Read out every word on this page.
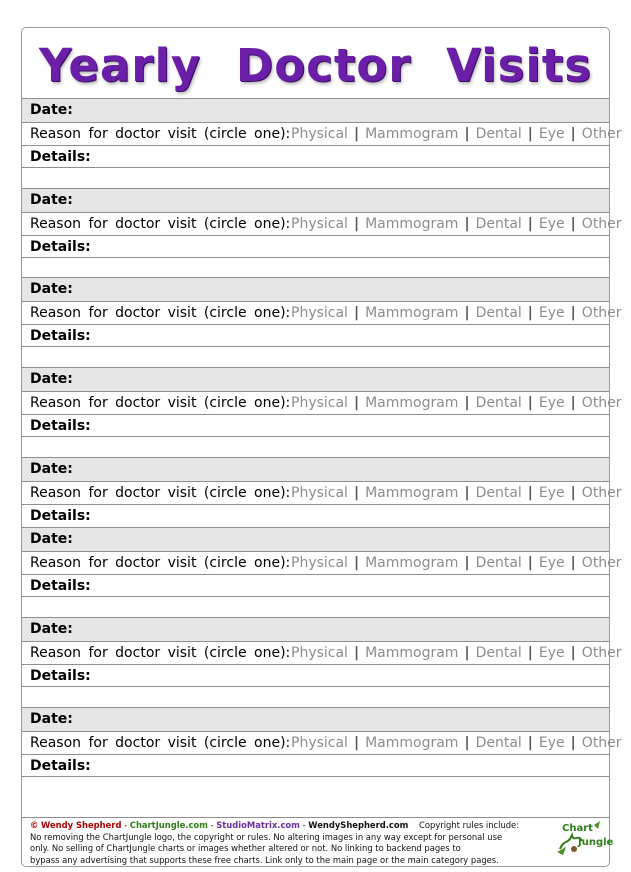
Yearly Doctor Visits
Date:
Reason for doctor visit (circle one): Physical | Mammogram | Dental | Eye | Other
Details:
Date:
Reason for doctor visit (circle one): Physical | Mammogram | Dental | Eye | Other
Details:
Date:
Reason for doctor visit (circle one): Physical | Mammogram | Dental | Eye | Other
Details:
Date:
Reason for doctor visit (circle one): Physical | Mammogram | Dental | Eye | Other
Details:
Date:
Reason for doctor visit (circle one): Physical | Mammogram | Dental | Eye | Other
Details:
Date:
Reason for doctor visit (circle one): Physical | Mammogram | Dental | Eye | Other
Details:
Date:
Reason for doctor visit (circle one): Physical | Mammogram | Dental | Eye | Other
Details:
Date:
Reason for doctor visit (circle one): Physical | Mammogram | Dental | Eye | Other
Details:
© Wendy Shepherd - ChartJungle.com - StudioMatrix.com - WendyShepherd.com Copyright rules include:
No removing the ChartJungle logo, the copyright or rules. No altering images in any way except for personal use
only. No selling of ChartJungle charts or images whether altered or not. No linking to backend pages to
bypass any advertising that supports these free charts. Link only to the main page or the main category pages.
Chart
Jungle
